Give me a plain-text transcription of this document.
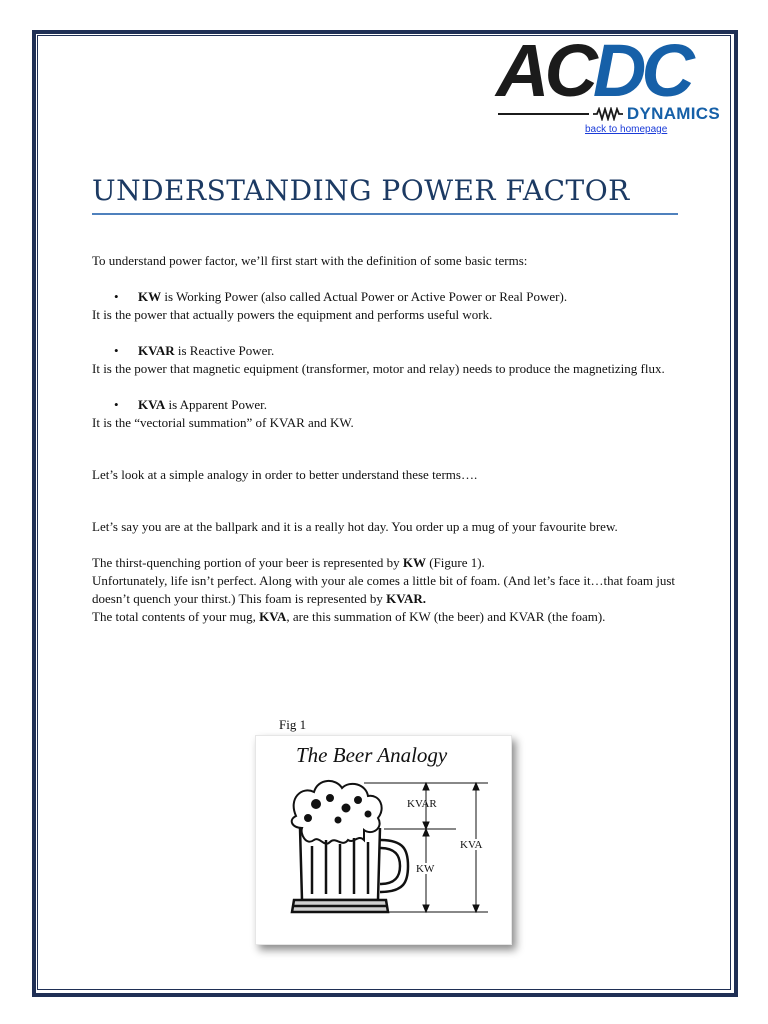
ACDC
DYNAMICS
back to homepage
UNDERSTANDING POWER FACTOR

To understand power factor, we’ll first start with the definition of some basic terms:

• KW is Working Power (also called Actual Power or Active Power or Real Power).

It is the power that actually powers the equipment and performs useful work.

• KVAR is Reactive Power.

It is the power that magnetic equipment (transformer, motor and relay) needs to produce the magnetizing flux.

• KVA is Apparent Power.

It is the “vectorial summation” of KVAR and KW.

Let’s look at a simple analogy in order to better understand these terms….

Let’s say you are at the ballpark and it is a really hot day. You order up a mug of your favourite brew.

The thirst-quenching portion of your beer is represented by KW (Figure 1).
Unfortunately, life isn’t perfect. Along with your ale comes a little bit of foam. (And let’s face it…that foam just doesn’t quench your thirst.) This foam is represented by KVAR.
The total contents of your mug, KVA, are this summation of KW (the beer) and KVAR (the foam).

Fig 1
The Beer Analogy
KVAR
KW
KVA
